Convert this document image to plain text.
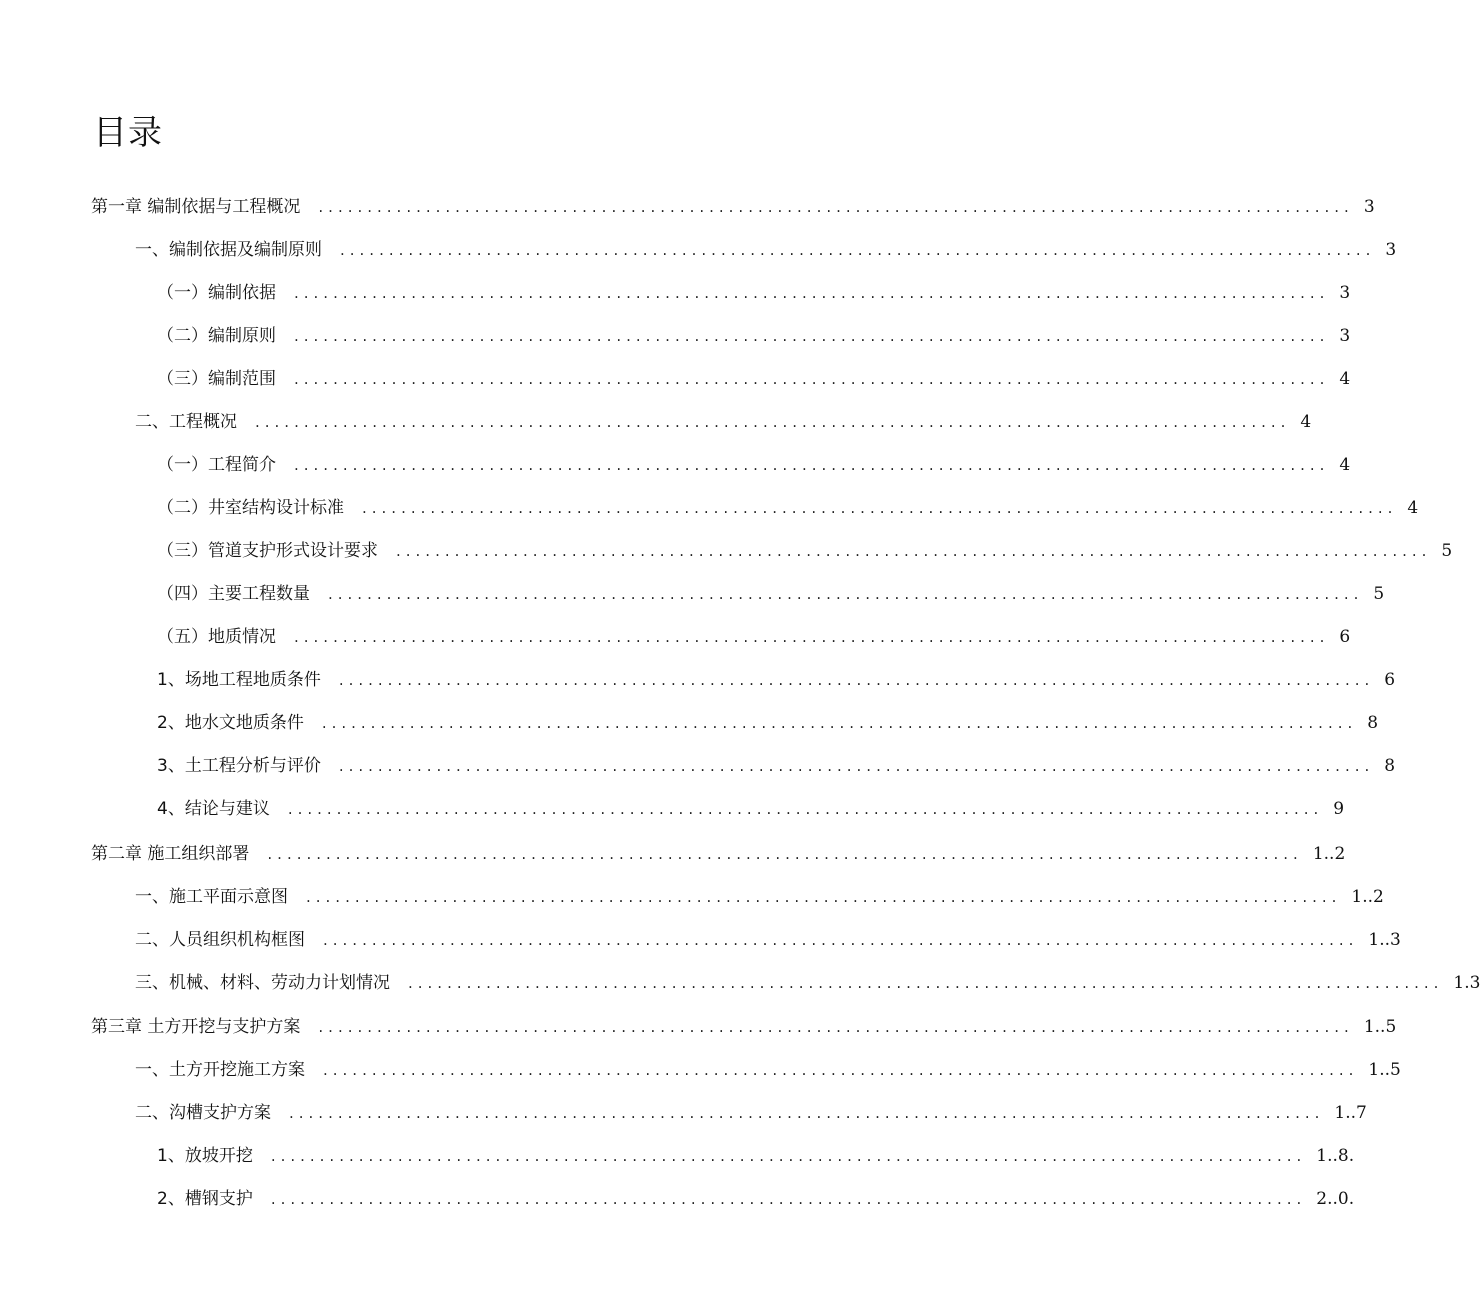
目录
第一章 编制依据与工程概况 .......................................................................................................... 3
一、编制依据及编制原则 .......................................................................................................... 3
（一）编制依据 .......................................................................................................... 3
（二）编制原则 .......................................................................................................... 3
（三）编制范围 .......................................................................................................... 4
二、工程概况 .......................................................................................................... 4
（一）工程简介 .......................................................................................................... 4
（二）井室结构设计标准 .......................................................................................................... 4
（三）管道支护形式设计要求 .......................................................................................................... 5
（四）主要工程数量 .......................................................................................................... 5
（五）地质情况 .......................................................................................................... 6
1、场地工程地质条件 .......................................................................................................... 6
2、地水文地质条件 .......................................................................................................... 8
3、土工程分析与评价 .......................................................................................................... 8
4、结论与建议 .......................................................................................................... 9
第二章 施工组织部署 .......................................................................................................... 1..2
一、施工平面示意图 .......................................................................................................... 1..2
二、人员组织机构框图 .......................................................................................................... 1..3
三、机械、材料、劳动力计划情况 .......................................................................................................... 1.3
第三章 土方开挖与支护方案 .......................................................................................................... 1..5
一、土方开挖施工方案 .......................................................................................................... 1..5
二、沟槽支护方案 .......................................................................................................... 1..7
1、放坡开挖 .......................................................................................................... 1..8.
2、槽钢支护 .......................................................................................................... 2..0.
